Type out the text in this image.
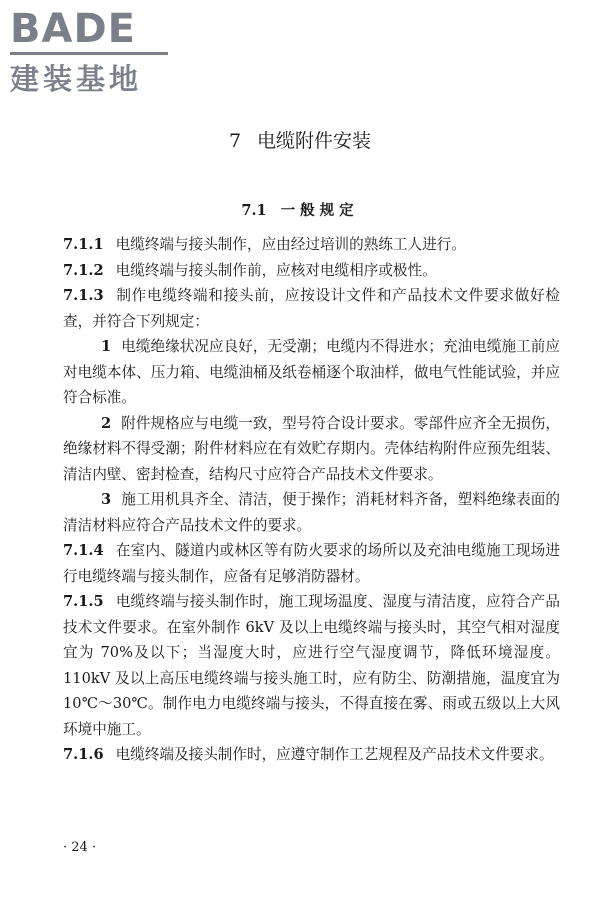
BADE
建装基地
7 电缆附件安装
7.1 一般规定

7.1.1 电缆终端与接头制作，应由经过培训的熟练工人进行。

7.1.2 电缆终端与接头制作前，应核对电缆相序或极性。

7.1.3 制作电缆终端和接头前，应按设计文件和产品技术文件要求做好检查，并符合下列规定：

1 电缆绝缘状况应良好，无受潮；电缆内不得进水；充油电缆施工前应对电缆本体、压力箱、电缆油桶及纸卷桶逐个取油样，做电气性能试验，并应符合标准。

2 附件规格应与电缆一致，型号符合设计要求。零部件应齐全无损伤，绝缘材料不得受潮；附件材料应在有效贮存期内。壳体结构附件应预先组装、清洁内壁、密封检查，结构尺寸应符合产品技术文件要求。

3 施工用机具齐全、清洁，便于操作；消耗材料齐备，塑料绝缘表面的清洁材料应符合产品技术文件的要求。

7.1.4 在室内、隧道内或林区等有防火要求的场所以及充油电缆施工现场进行电缆终端与接头制作，应备有足够消防器材。

7.1.5 电缆终端与接头制作时，施工现场温度、湿度与清洁度，应符合产品技术文件要求。在室外制作 6kV 及以上电缆终端与接头时，其空气相对湿度宜为 70%及以下；当湿度大时，应进行空气湿度调节，降低环境湿度。110kV 及以上高压电缆终端与接头施工时，应有防尘、防潮措施，温度宜为 10℃～30℃。制作电力电缆终端与接头，不得直接在雾、雨或五级以上大风环境中施工。

7.1.6 电缆终端及接头制作时，应遵守制作工艺规程及产品技术文件要求。

· 24 ·
